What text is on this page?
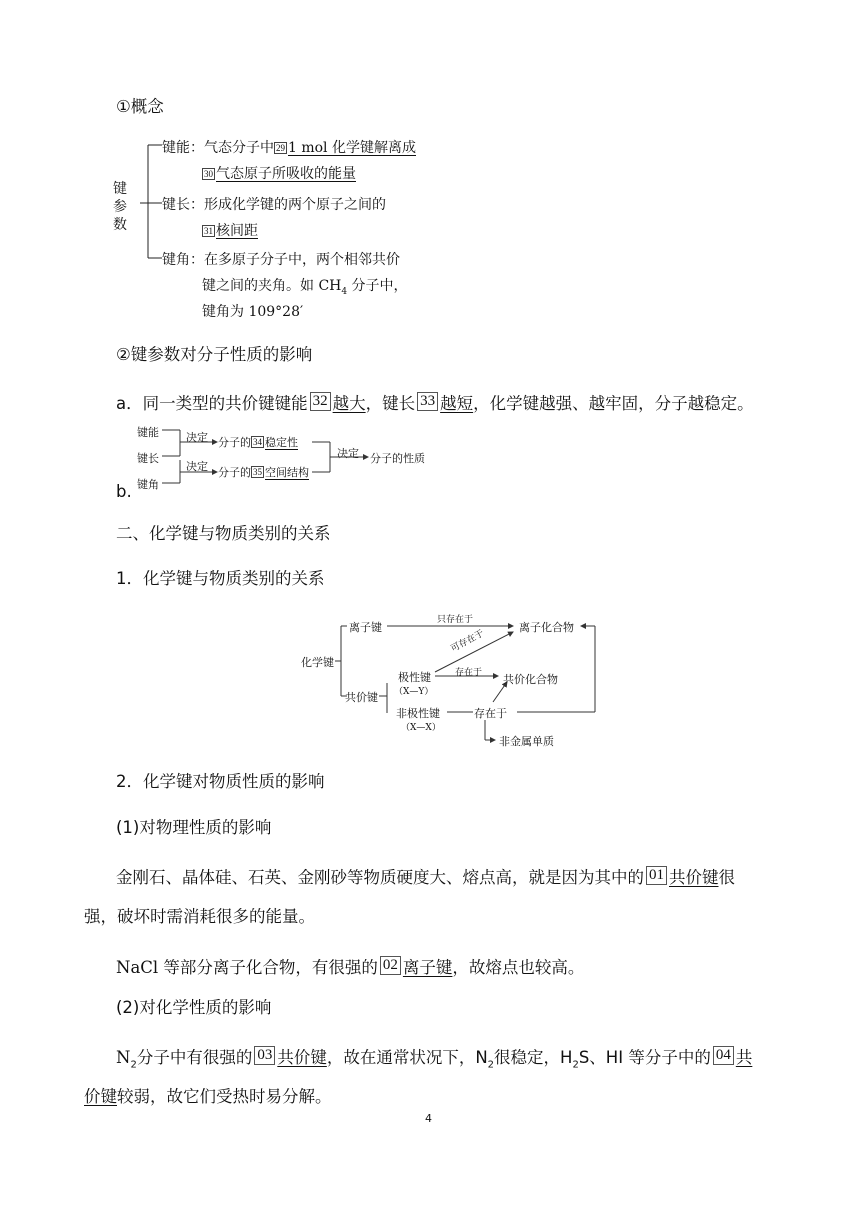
①概念
键
参
数
键能：气态分子中 29 1 mol 化学键解离成
30 气态原子所吸收的能量
键长：形成化学键的两个原子之间的
31 核间距
键角：在多原子分子中，两个相邻共价
键之间的夹角。如 $CH_4$ 分子中，
键角为 109°28′
②键参数对分子性质的影响
a．同一类型的共价键键能 32 越大，键长 33 越短，化学键越强、越牢固，分子越稳定。
键能
键长
键角
决定
决定
分子的 34 稳定性
分子的 35 空间结构
决定 分子的性质
b.
二、化学键与物质类别的关系
1．化学键与物质类别的关系
化学键
离子键
只存在于
离子化合物
可存在于
共价键
极性键
（X—Y）
存在于 共价化合物
非极性键
（X—X）
存在于
非金属单质
2．化学键对物质性质的影响
(1)对物理性质的影响
金刚石、晶体硅、石英、金刚砂等物质硬度大、熔点高，就是因为其中的 01 共价键很
强，破坏时需消耗很多的能量。
NaCl 等部分离子化合物，有很强的 02 离子键，故熔点也较高。
(2)对化学性质的影响
$N_2$分子中有很强的 03 共价键，故在通常状况下，$N_2$很稳定，$H_2S$、HI 等分子中的 04 共
价键较弱，故它们受热时易分解。
4
